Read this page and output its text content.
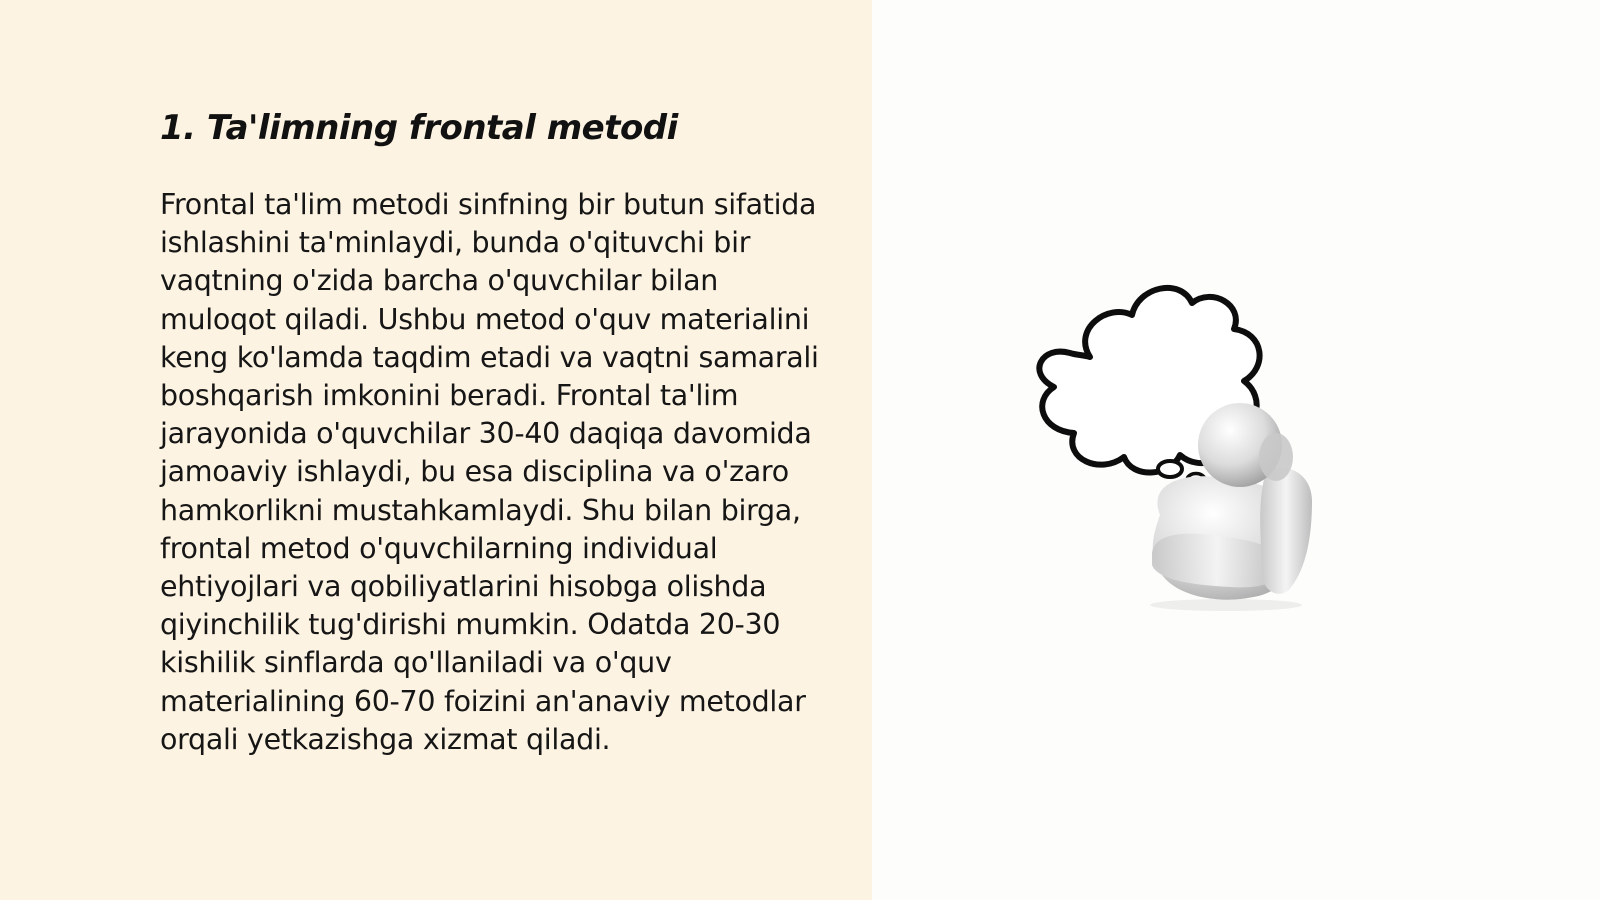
1. Ta'limning frontal metodi

Frontal ta'lim metodi sinfning bir butun sifatida ishlashini ta'minlaydi, bunda o'qituvchi bir vaqtning o'zida barcha o'quvchilar bilan muloqot qiladi. Ushbu metod o'quv materialini keng ko'lamda taqdim etadi va vaqtni samarali boshqarish imkonini beradi. Frontal ta'lim jarayonida o'quvchilar 30-40 daqiqa davomida jamoaviy ishlaydi, bu esa disciplina va o'zaro hamkorlikni mustahkamlaydi. Shu bilan birga, frontal metod o'quvchilarning individual ehtiyojlari va qobiliyatlarini hisobga olishda qiyinchilik tug'dirishi mumkin. Odatda 20-30 kishilik sinflarda qo'llaniladi va o'quv materialining 60-70 foizini an'anaviy metodlar orqali yetkazishga xizmat qiladi.
